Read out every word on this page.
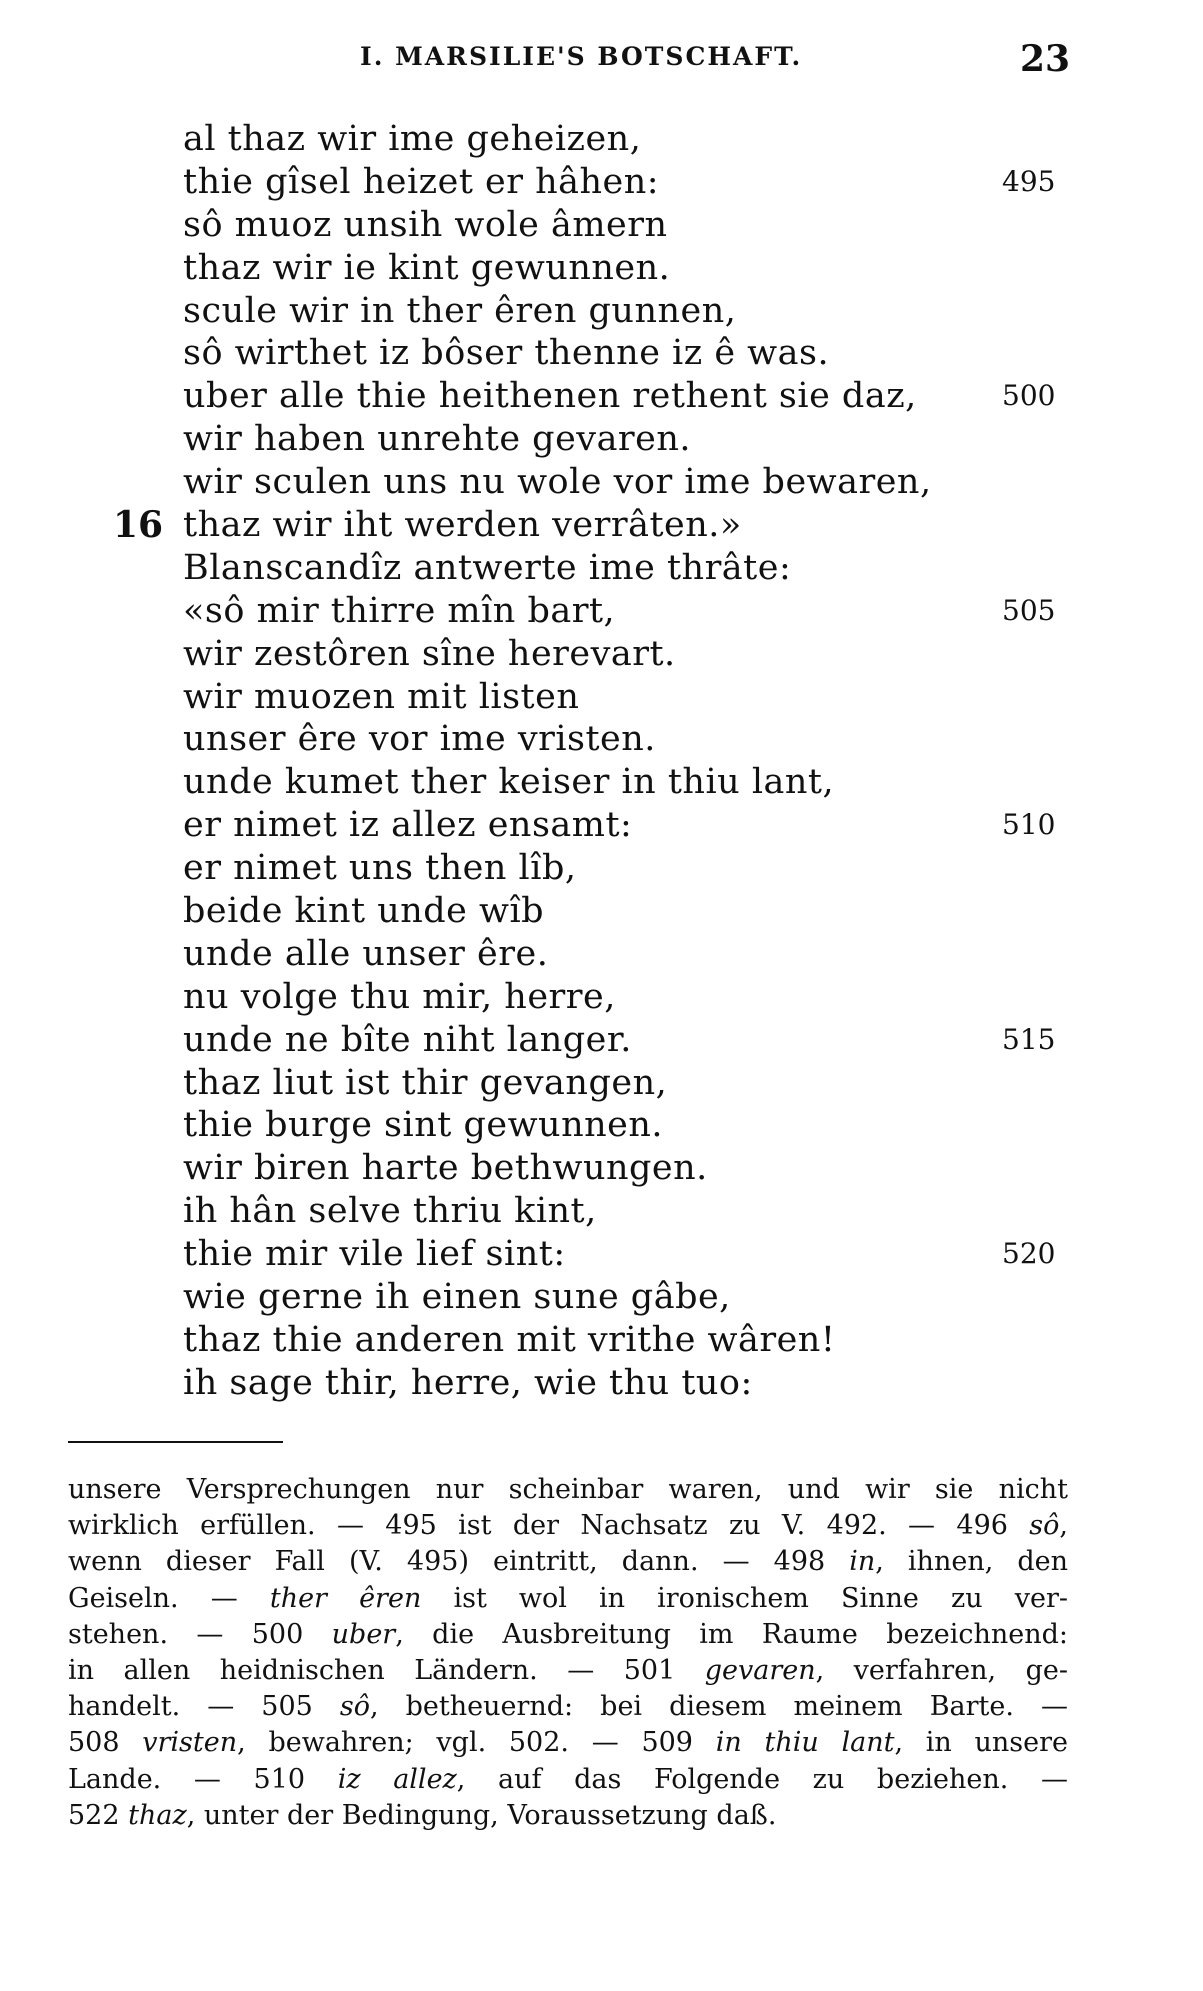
I. MARSILIE'S BOTSCHAFT.	23
al thaz wir ime geheizen,
thie gîsel heizet er hâhen:	495
sô muoz unsih wole âmern
thaz wir ie kint gewunnen.
scule wir in ther êren gunnen,
sô wirthet iz bôser thenne iz ê was.
uber alle thie heithenen rethent sie daz,	500
wir haben unrehte gevaren.
wir sculen uns nu wole vor ime bewaren,
16 thaz wir iht werden verrâten.»
Blanscandîz antwerte ime thrâte:
«sô mir thirre mîn bart,	505
wir zestôren sîne herevart.
wir muozen mit listen
unser êre vor ime vristen.
unde kumet ther keiser in thiu lant,
er nimet iz allez ensamt:	510
er nimet uns then lîb,
beide kint unde wîb
unde alle unser êre.
nu volge thu mir, herre,
unde ne bîte niht langer.	515
thaz liut ist thir gevangen,
thie burge sint gewunnen.
wir biren harte bethwungen.
ih hân selve thriu kint,
thie mir vile lief sint:	520
wie gerne ih einen sune gâbe,
thaz thie anderen mit vrithe wâren!
ih sage thir, herre, wie thu tuo:
unsere Versprechungen nur scheinbar waren, und wir sie nicht
wirklich erfüllen. — 495 ist der Nachsatz zu V. 492. — 496 sô,
wenn dieser Fall (V. 495) eintritt, dann. — 498 in, ihnen, den
Geiseln. — ther êren ist wol in ironischem Sinne zu ver-
stehen. — 500 uber, die Ausbreitung im Raume bezeichnend:
in allen heidnischen Ländern. — 501 gevaren, verfahren, ge-
handelt. — 505 sô, betheuernd: bei diesem meinem Barte. —
508 vristen, bewahren; vgl. 502. — 509 in thiu lant, in unsere
Lande. — 510 iz allez, auf das Folgende zu beziehen. —
522 thaz, unter der Bedingung, Voraussetzung daß.
